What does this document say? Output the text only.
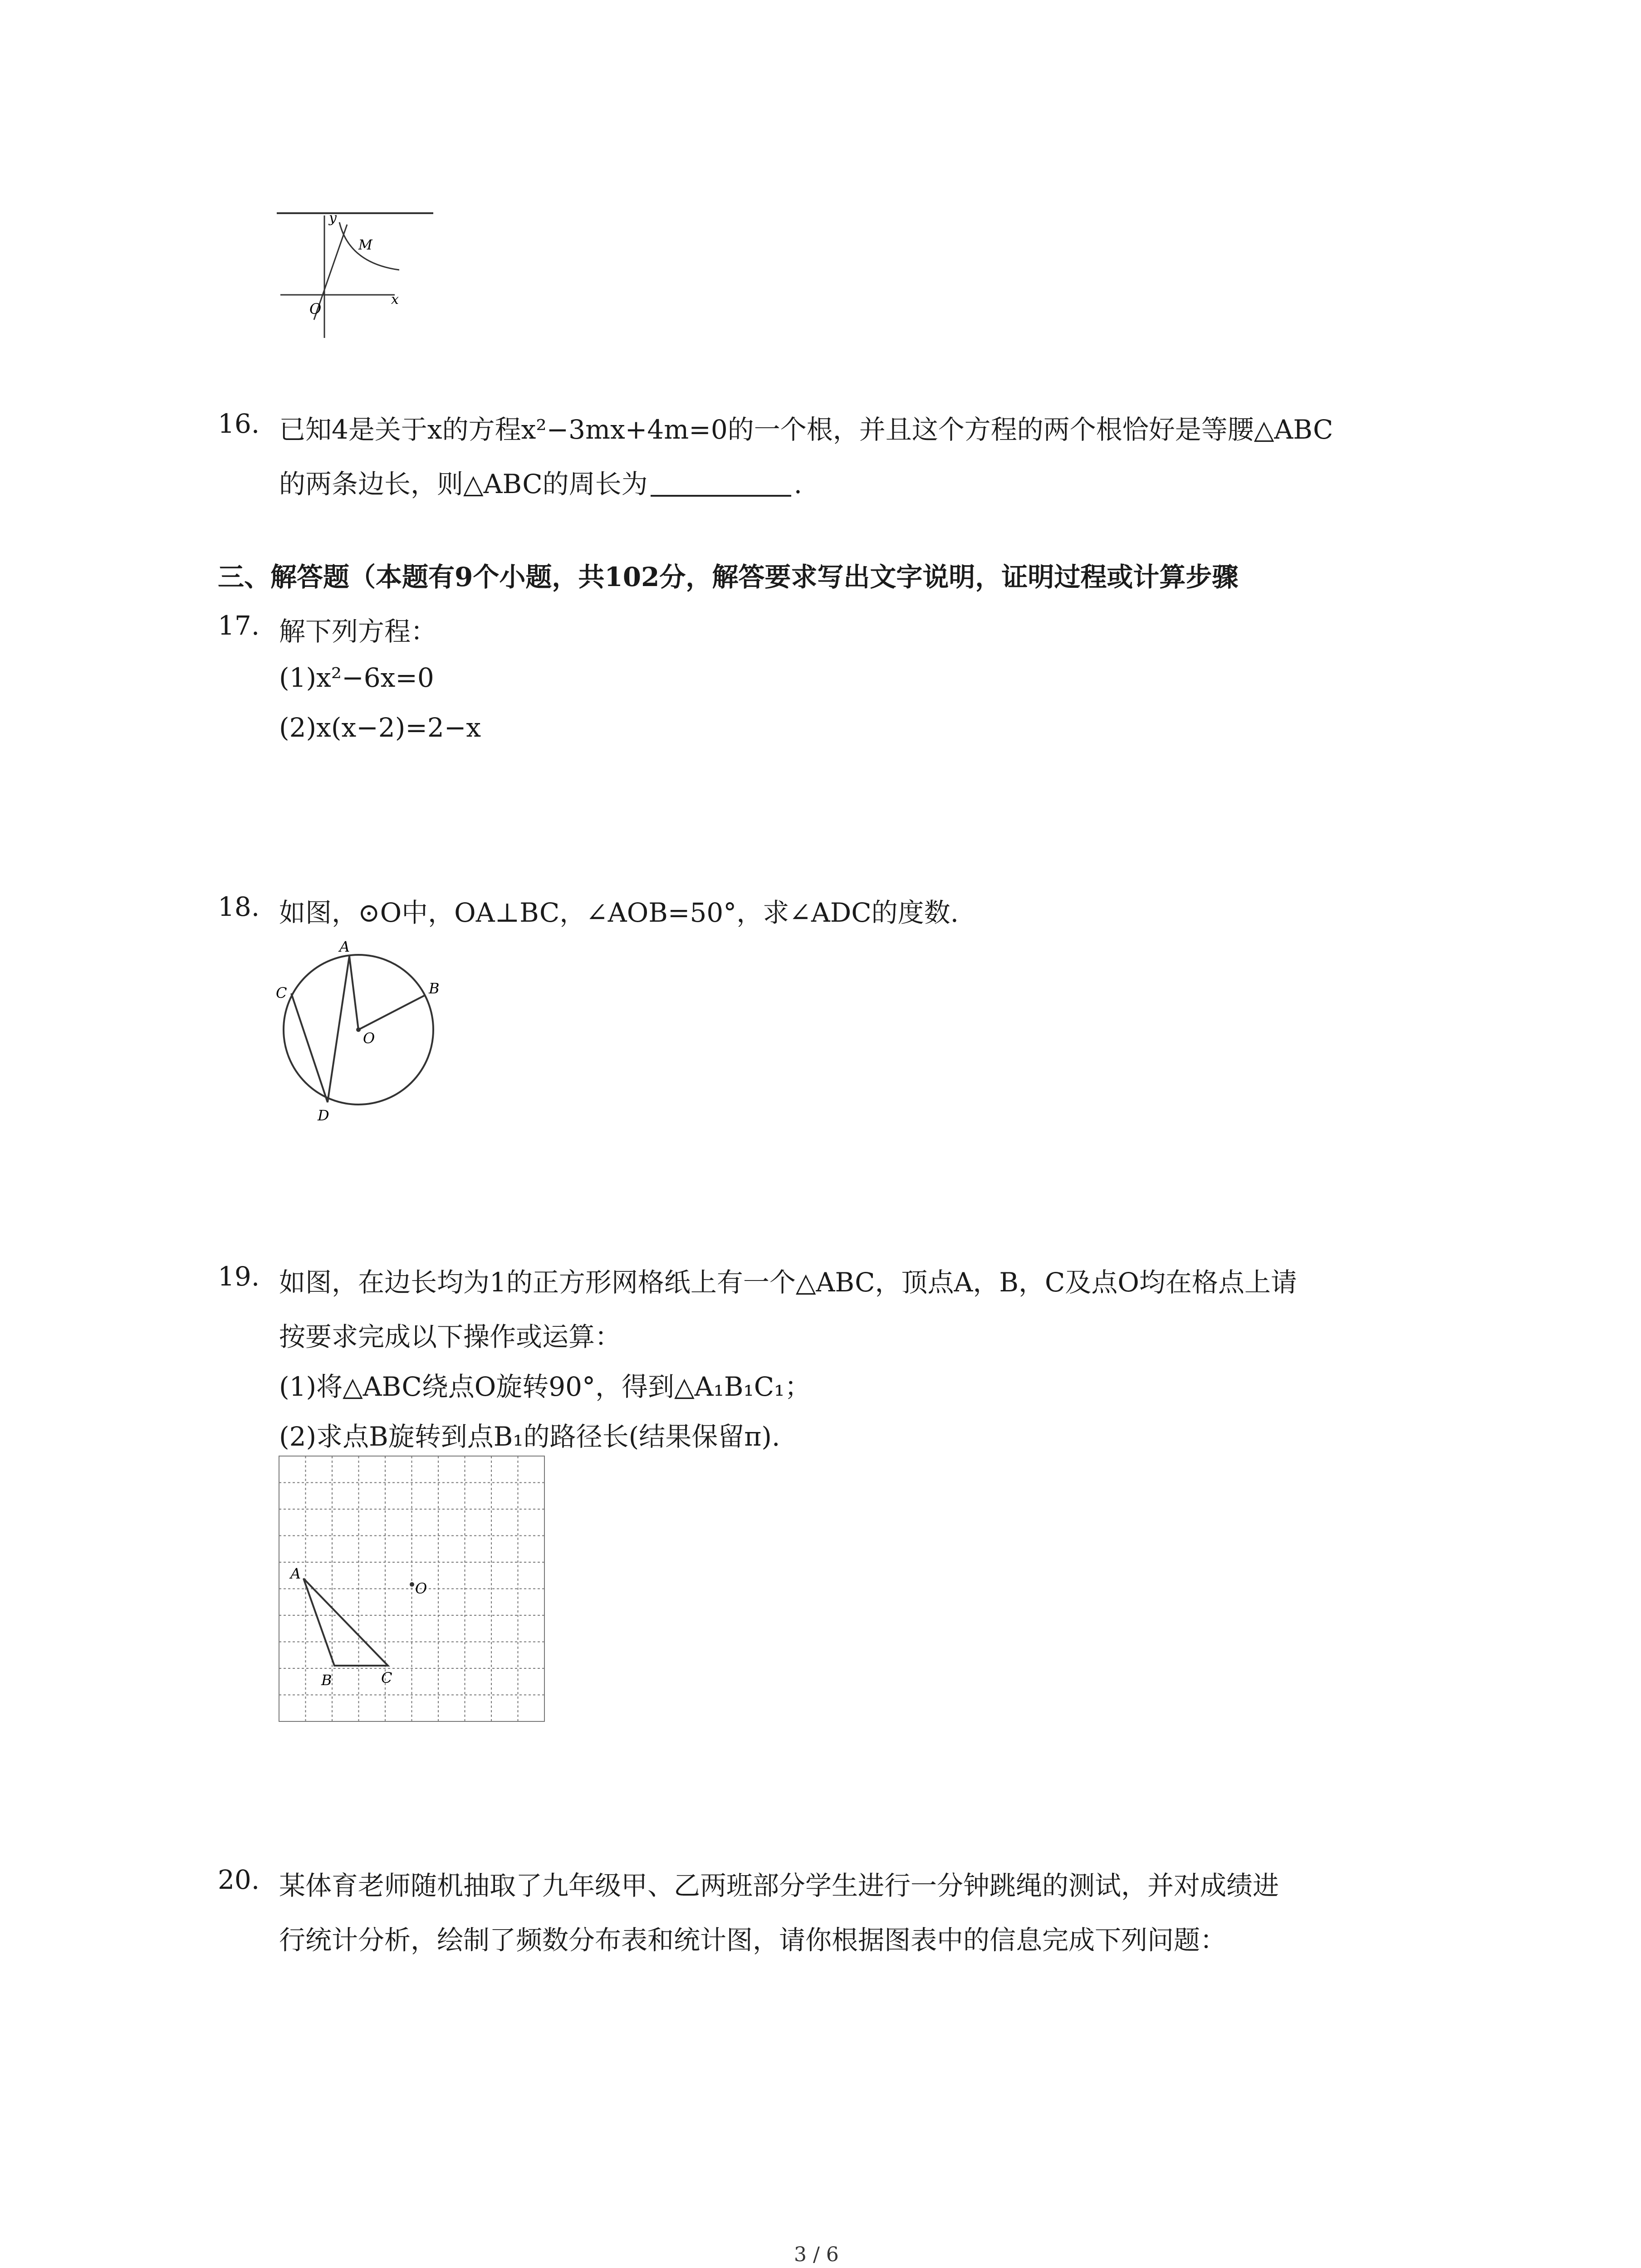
y
M
O
x
16. 已知4是关于x的方程x²−3mx+4m=0的一个根，并且这个方程的两个根恰好是等腰△ABC
的两条边长，则△ABC的周长为	.
三、解答题（本题有9个小题，共102分，解答要求写出文字说明，证明过程或计算步骤
17. 解下列方程：
(1)x²−6x=0
(2)x(x−2)=2−x
18. 如图，⊙O中，OA⊥BC，∠AOB=50°，求∠ADC的度数.
A
B
C
D
O
19. 如图，在边长均为1的正方形网格纸上有一个△ABC，顶点A，B，C及点O均在格点上请
按要求完成以下操作或运算：
(1)将△ABC绕点O旋转90°，得到△A₁B₁C₁；
(2)求点B旋转到点B₁的路径长(结果保留π).
A
B	C
O
20. 某体育老师随机抽取了九年级甲、乙两班部分学生进行一分钟跳绳的测试，并对成绩进
行统计分析，绘制了频数分布表和统计图，请你根据图表中的信息完成下列问题：
3 / 6
